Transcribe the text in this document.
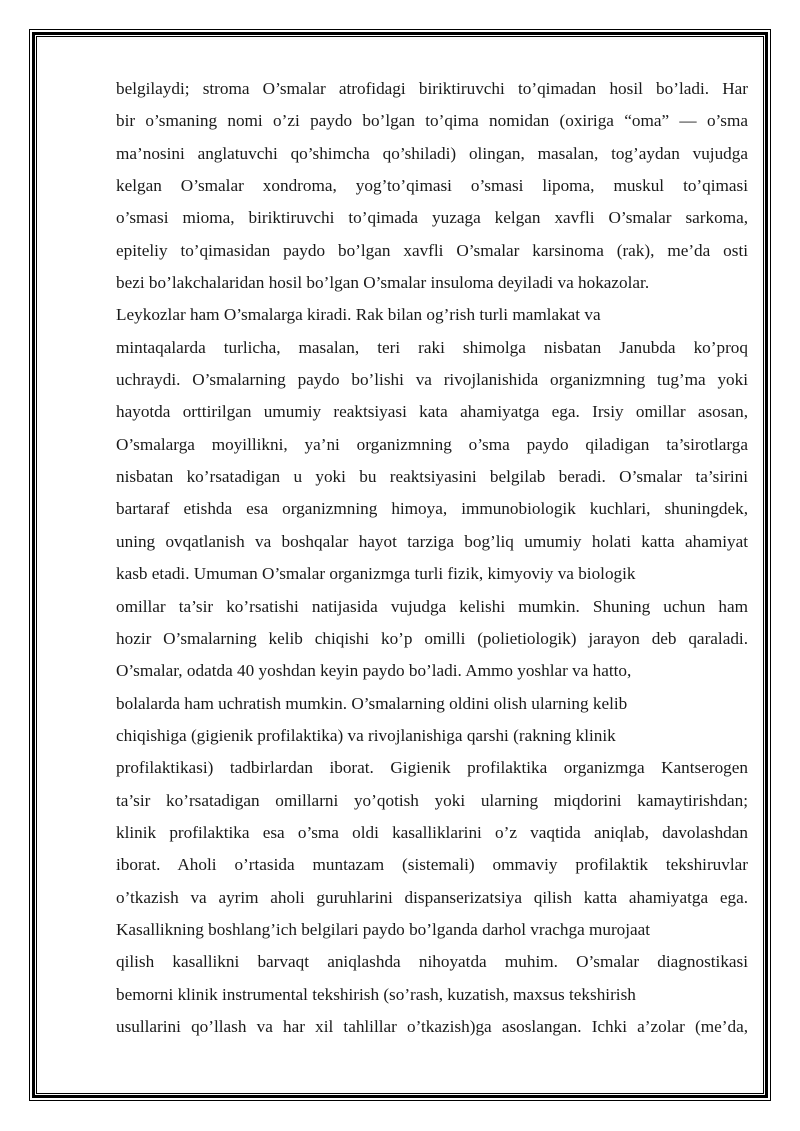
belgilaydi; stroma O’smalar atrofidagi biriktiruvchi to’qimadan hosil bo’ladi. Har
bir o’smaning nomi o’zi paydo bo’lgan to’qima nomidan (oxiriga “oma” — o’sma
ma’nosini anglatuvchi qo’shimcha qo’shiladi) olingan, masalan, tog’aydan vujudga
kelgan O’smalar xondroma, yog’to’qimasi o’smasi lipoma, muskul to’qimasi
o’smasi mioma, biriktiruvchi to’qimada yuzaga kelgan xavfli O’smalar sarkoma,
epiteliy to’qimasidan paydo bo’lgan xavfli O’smalar karsinoma (rak), me’da osti
bezi bo’lakchalaridan hosil bo’lgan O’smalar insuloma deyiladi va hokazolar.
Leykozlar ham O’smalarga kiradi. Rak bilan og’rish turli mamlakat va
mintaqalarda turlicha, masalan, teri raki shimolga nisbatan Janubda ko’proq
uchraydi. O’smalarning paydo bo’lishi va rivojlanishida organizmning tug’ma yoki
hayotda orttirilgan umumiy reaktsiyasi kata ahamiyatga ega. Irsiy omillar asosan,
O’smalarga moyillikni, ya’ni organizmning o’sma paydo qiladigan ta’sirotlarga
nisbatan ko’rsatadigan u yoki bu reaktsiyasini belgilab beradi. O’smalar ta’sirini
bartaraf etishda esa organizmning himoya, immunobiologik kuchlari, shuningdek,
uning ovqatlanish va boshqalar hayot tarziga bog’liq umumiy holati katta ahamiyat
kasb etadi. Umuman O’smalar organizmga turli fizik, kimyoviy va biologik
omillar ta’sir ko’rsatishi natijasida vujudga kelishi mumkin. Shuning uchun ham
hozir O’smalarning kelib chiqishi ko’p omilli (polietiologik) jarayon deb qaraladi.
O’smalar, odatda 40 yoshdan keyin paydo bo’ladi. Ammo yoshlar va hatto,
bolalarda ham uchratish mumkin. O’smalarning oldini olish ularning kelib
chiqishiga (gigienik profilaktika) va rivojlanishiga qarshi (rakning klinik
profilaktikasi) tadbirlardan iborat. Gigienik profilaktika organizmga Kantserogen
ta’sir ko’rsatadigan omillarni yo’qotish yoki ularning miqdorini kamaytirishdan;
klinik profilaktika esa o’sma oldi kasalliklarini o’z vaqtida aniqlab, davolashdan
iborat. Aholi o’rtasida muntazam (sistemali) ommaviy profilaktik tekshiruvlar
o’tkazish va ayrim aholi guruhlarini dispanserizatsiya qilish katta ahamiyatga ega.
Kasallikning boshlang’ich belgilari paydo bo’lganda darhol vrachga murojaat
qilish kasallikni barvaqt aniqlashda nihoyatda muhim. O’smalar diagnostikasi
bemorni klinik instrumental tekshirish (so’rash, kuzatish, maxsus tekshirish
usullarini qo’llash va har xil tahlillar o’tkazish)ga asoslangan. Ichki a’zolar (me’da,
